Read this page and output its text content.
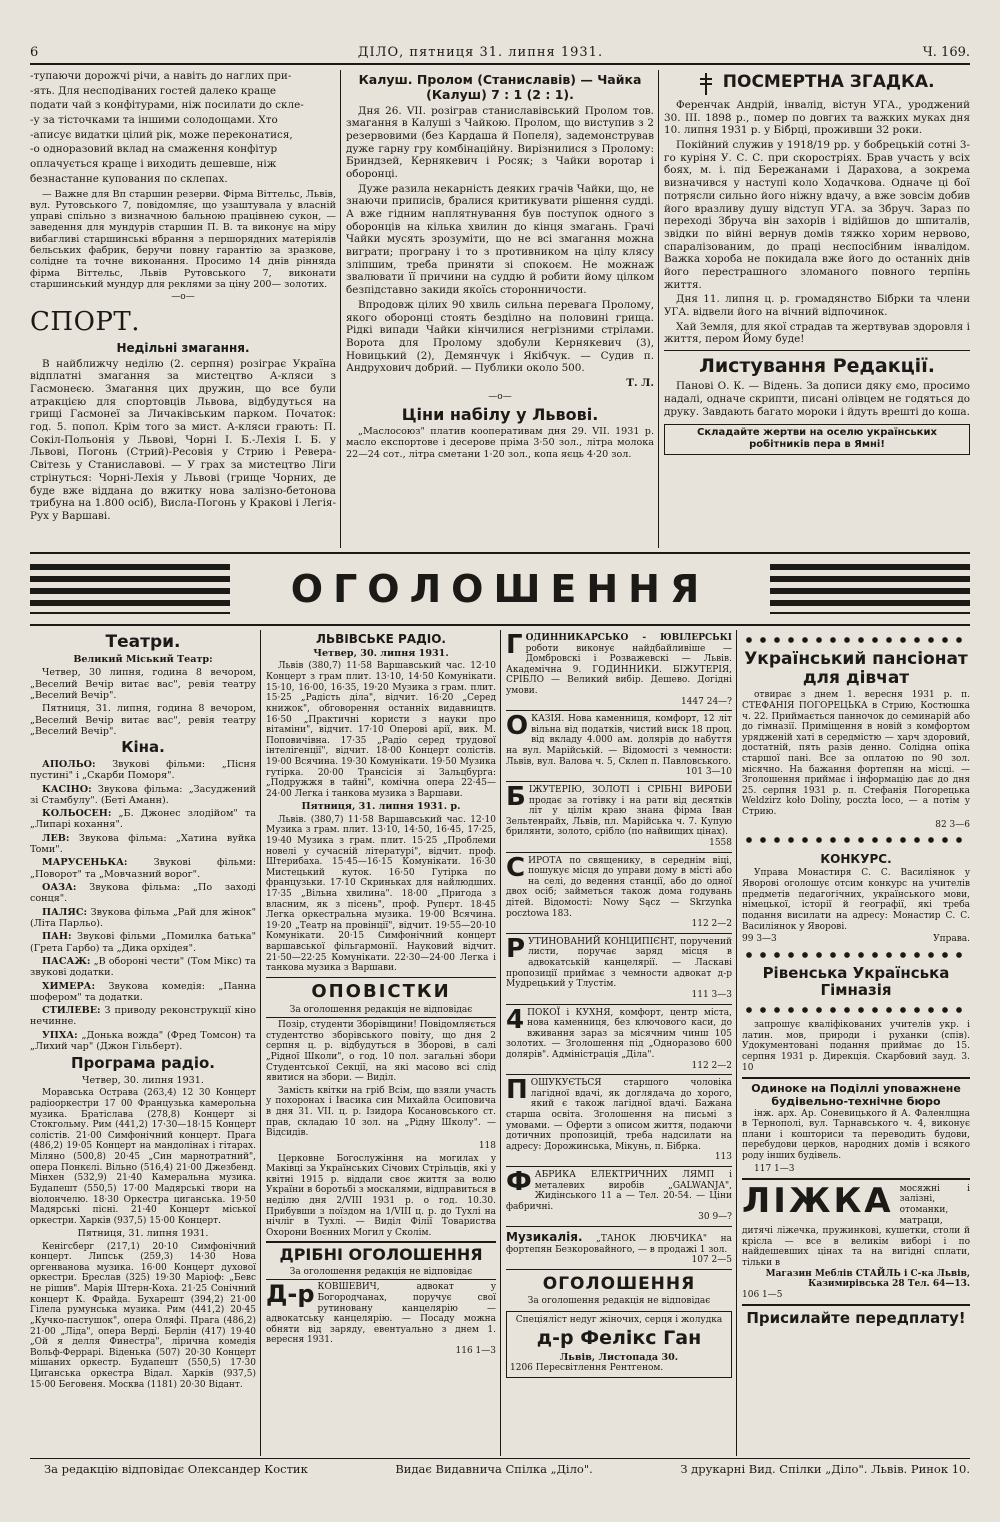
6	ДІЛО, пятниця 31. липня 1931.	Ч. 169.

-тупаючи дорожчі річи, а навіть до наглих при-

-ять. Для несподіваних гостей далеко краще

подати чай з конфітурами, ніж посилати до скле-

-у за тісточками та іншими солодощами. Хто

-аписує видатки цілий рік, може переконатися,

-о одноразовий вклад на смаження конфітур

оплачується краще і виходить дешевше, ніж

безнастанне купования по склепах.

— Важне для Вп старшин резерви. Фірма Віттельс, Львів, вул. Рутовського 7, повідомляє, що узаштувала у власній управі спільно з визначною бальною працівнею сукон, — заведення для мундурів старшин П. В. та виконує на міру вибагливі старшинські вбрання з першорядних матеріялів бельських фабрик, беручи повну гарантію за зразкове, солідне та точне виконання. Просимо 14 днів рінняда фірма Віттельс, Львів Рутовського 7, виконати старшинський мундур для реклями за ціну 200— золотих.

—o—
СПОРТ.
Недільні змагання.

В найближчу неділю (2. серпня) розіграє Україна відплатні змагання за мистецтво А-кляси з Гасмонеєю. Змагання цих дружин, що все були атракцією для спортовців Львова, відбудуться на грищі Гасмонеї за Личаківським парком. Початок: год. 5. попол. Крім того за мист. А-кляси грають: П. Сокіл-Польонія у Львові, Чорні І. Б.-Лехія І. Б. у Львові, Погонь (Стрий)-Ресовія у Стрию і Ревера-Світезь у Станиславові. — У грах за мистецтво Ліги стрінуться: Чорні-Лехія у Львові (грище Чорних, де буде вже віддана до вжитку нова залізно-бетонова трибуна на 1.800 осіб), Висла-Погонь у Кракові і Легія-Рух у Варшаві.

Калуш. Пролом (Станиславів) — Чайка (Калуш) 7 : 1 (2 : 1).

Дня 26. VII. розіграв станиславівський Пролом тов. змагання в Калуші з Чайкою. Пролом, що виступив з 2 резервовими (без Кардаша й Попеля), задемонстрував дуже гарну гру комбінаційну. Вирізнилися з Пролому: Бриндзей, Кернякевич і Росяк; з Чайки воротар і оборонці.

Дуже разила некарність деяких грачів Чайки, що, не знаючи приписів, бралися критикувати рішення судді. А вже гідним наплятнування був поступок одного з оборонців на кілька хвилин до кінця змагань. Грачі Чайки мусять зрозуміти, що не всі змагання можна виграти; програну і то з противником на цілу клясу зліпшим, треба приняти зі спокоєм. Не можнаж звалювати її причини на суддю й робити йому цілком безпідставно закиди якоїсь сторонничости.

Впродовж цілих 90 хвиль сильна перевага Пролому, якого оборонці стоять безділно на половині грища. Рідкі випади Чайки кінчилися негрізними стрілами. Ворота для Пролому здобули Кернякевич (3), Новицький (2), Демянчук і Якібчук. — Судив п. Андрухович добрий. — Публики около 500.

Т. Л.

—o—
Ціни набілу у Львові.

„Маслосоюз" платив кооперативам дня 29. VII. 1931 р. масло експортове і десерове пріма 3·50 зол., літра молока 22—24 сот., літра сметани 1·20 зол., копа яєць 4·20 зол.

ПОСМЕРТНА ЗГАДКА.

Ференчак Андрій, інвалід, вістун УГА., уроджений 30. III. 1898 р., помер по довгих та важких муках дня 10. липня 1931 р. у Бібрці, проживши 32 роки.

Покійний служив у 1918/19 рр. у бобрецькій сотні 3-го куріня У. С. С. при скоростріях. Брав участь у всіх боях, м. і. під Бережанами і Дарахова, а зокрема визначився у наступі коло Ходачкова. Одначе ці бої потрясли сильно його ніжну вдачу, а вже зовсім добив його вразливу душу відступ УГА. за Збруч. Зараз по переході Збруча він захорів і відійшов до шпиталів, звідки по війні вернув домів тяжко хорим нервово, спаралізованим, до праці неспосібним інвалідом. Важка хороба не покидала вже його до останніх днів його перестрашного зломаного повного терпінь життя.

Дня 11. липня ц. р. громадянство Бібрки та члени УГА. відвели його на вічний відпочинок.

Хай Земля, для якої страдав та жертвував здоровля і життя, пером Йому буде!

Листування Редакції.

Панові О. К. — Відень. За дописи дяку ємо, просимо надалі, одначе скрипти, писані олівцем не годяться до друку. Завдають багато мороки і йдуть врешті до коша.

Складайте жертви на оселю українських робітників пера в Ямні!
ОГОЛОШЕННЯ
Театри.

Великий Міський Театр:

Четвер, 30 липня, година 8 вечором, „Веселий Вечір витає вас", ревія театру „Веселий Вечір".

Пятниця, 31. липня, година 8 вечором, „Веселий Вечір витає вас", ревія театру „Веселий Вечір".

Кіна.

АПОЛЬО: Звукові фільми: „Пісня пустині" і „Скарби Поморя".

КАСІНО: Звукова фільма: „Засуджений зі Стамбулу". (Беті Аманн).

КОЛЬОСЕН: „Б. Джонес злодійом" та „Липарі кохання".

ЛЕВ: Звукова фільма: „Хатина вуйка Toми".

МАРУСЕНЬКА:	Звукові фільми: „Поворот" та „Мовчазний ворог".

ОАЗА: Звукова фільма: „По заході сонця".

ПАЛЯС: Звукова фільма „Рай для жінок" (Літа Парльо).

ПАН: Звукові фільми „Помилка батька" (Грета Гарбо) та „Дика орхідея".

ПАСАЖ: „В обороні чести" (Том Мікс) та звукові додатки.

ХИМЕРА: Звукова комедія: „Панна шофером" та додатки.

СТИЛЕВЕ: З приводу реконструкції кіно нечинне.

УПХА: „Донька вожда" (Фред Томсон) та „Лихий чар" (Джон Гільберт).

Програма радіо.

Четвер, 30. липня 1931.

Моравська Острава (263,4) 12 30 Концерт радіооркестри 17 00 Французька камерольна музика. Братіслава (278,8) Концерт зі Стокгольму. Рим (441,2) 17·30—18·15 Концерт солістів. 21·00 Симфонічний концерт. Прага (486,2) 19·05 Концерт на мандолінах і гітарах. Міляно (500,8) 20·45 „Син марнотратний", опера Понкєлі. Вільно (516,4) 21·00 Джезбенд. Мінхен (532,9) 21·40 Камеральна музика. Будапешт (550,5) 17·00 Мадярські твори на віолончелю. 18·30 Оркестра циганська. 19·50 Мадярські пісні. 21·40 Концерт міської оркестри. Харків (937,5) 15·00 Концерт.

Пятниця, 31. липня 1931.

Кенігсберг (217,1) 20·10 Симфонічний концерт. Липськ (259,3) 14·30 Нова оргенванова музика. 16·00 Концерт духової оркестри. Бреслав (325) 19·30 Маріоф: „Бевс не рішив". Марія Штерн-Коха. 21·25 Сонічний концерт К. Фрайда. Бухарешт (394,2) 21·00 Гілела румунська музика. Рим (441,2) 20·45 „Кучко-пастушок", опера Оляфі. Прага (486,2) 21·00 „Ліда", опера Верді. Берлін (417) 19·40 „Ой я делля Финестра", лірична комедія Вольф-Феррарі. Віденька (507) 20·30 Концерт мішаних оркестр. Будапешт (550,5) 17·30 Циганська оркестра Відал. Харків (937,5) 15·00 Беговеня. Москва (1181) 20·30 Відант.

ЛЬВІВСЬКЕ РАДІО.

Четвер, 30. липня 1931.

Львів (380,7) 11·58 Варшавський час. 12·10 Концерт з грам плит. 13·10, 14·50 Комунікати. 15·10, 16·00, 16·35, 19·20 Музика з грам. плит. 15·25 „Радість діла", відчит. 16·20 „Серед книжок", обговорення останніх видавництв. 16·50 „Практичні користи з науки про вітаміни", відчит. 17·10 Оперові арії, вик. М. Поповичівна. 17·35 „Радіо серед трудової інтелігенції", відчит. 18·00 Концерт солістів. 19·00 Всячина. 19·30 Комунікати. 19·50 Музика гутірка. 20·00 Трансісія зі Зальцбурга: „Подружжя в тайні", комічна опера 22·45—24·00 Легка і танкова музика з Варшави.

Пятниця, 31. липня 1931. р.

Львів. (380,7) 11·58 Варшавський час. 12·10 Музика з грам. плит. 13·10, 14·50, 16·45, 17·25, 19·40 Музика з грам. плит. 15·25 „Проблеми новелі у сучасній літературі", відчит. проф. Штерибаха. 15·45—16·15 Комунікати. 16·30 Мистецький куток. 16·50 Гутірка по французьки. 17·10 Скриньках для найлюдших. 17·35 „Вільна хвилина". 18·00 „Пригода з власним, як з пісень", проф. Рупєрт. 18·45 Легка оркестральна музика. 19·00 Всячина. 19·20 „Театр на провінції", відчит. 19·55—20·10 Комунікати. 20·15 Симфонічний концерт варшавської фільгармонії. Науковий відчит. 21·50—22·25 Комунікати. 22·30—24·00 Легка і танкова музика з Варшави.

ОПОВІСТКИ

За оголошення редакція не відповідає

Позір, студенти Зборівщини! Повідомляється студентство зборівського повіту, що дня 2 серпня ц. р. відбудуться в Зборові, в салі „Рідної Школи", о год. 10 пол. загальні збори Студентської Секції, на які масово всі слід явитися на збори. — Виділ.

Замість квітки на гріб Всім, що взяли участь у похоронах і Івасика син Михайла Осиповича в дня 31. VII. ц. р. Ізидора Косановського ст. прав, складаю 10 зол. на „Рідну Школу". — Відсидів.

118

Церковне Богослужіння на могилах у Маківці за Українських Січових Стрільців, які у квітні 1915 р. віддали своє життя за волю України в боротьбі з москалями, відправиться в неділю дня 2/VIII 1931 р. о год. 10.30. Прибувши з поїздом на 1/VIII ц. р. до Тухлі на нічліг в Тухлі. — Виділ Філії Товариства Охорони Воєнних Могил у Сколім.

ДРІБНІ ОГОЛОШЕННЯ

За оголошення редакція не відповідає

Д-р КОВШЕВИЧ, адвокат у Богородчанах, поручує свої рутиновану канцелярію — адвокатську канцелярію. — Посаду можна обняти від заряду, евентуально з днем 1. вересня 1931.
116 1—3
Г ОДИННИКАРСЬКО - ЮВІЛЕРСЬКІ роботи виконує найдбайливіше — Домбровскі і Розважевскі — Львів. Академічна 9. ГОДИННИКИ. БІЖУТЕРІЯ, СРІБЛО — Великий вибір. Дешево. Догідні умови.
1447 24—?
О КАЗІЯ. Нова каменниця, комфорт, 12 літ вільна від податків, чистий виск 18 проц. від вкладу 4.000 ам. долярів до набуття на вул. Марійській. — Відомості з чемности: Львів, вул. Валова ч. 5, Склеп п. Павловського.
101 3—10
Б ІЖУТЕРІЮ, ЗОЛОТІ і СРІБНІ ВИРОБИ продає за готівку і на рати від десятків літ у цілім краю знана фірма Іван Зельтенрайх, Львів, пл. Марійська ч. 7. Купую брилянти, золото, срібло (по найвищих цінах).
1558
С ИРОТА по священику, в середнім віці, пошукує місця до управи дому в місті або на селі, до ведення станції, або до одної двох осіб; займеться також дома годувань дітей. Відомості: Nowy Sącz — Skrzynka pocztowa 183.
112 2—2
Р УТИНОВАНИЙ КОНЦИПІЄНТ, поручений листи, поручає заряд місця в адвокатській канцелярії. — Ласкаві пропозиції приймає з чемности адвокат д-р Мудрецький у Тлустім.
111 3—3
4 ПОКОЇ і КУХНЯ, комфорт, центр міста, нова каменниця, без ключового каси, до вживання зараз за місячним чинш 105 золотих. — Зголошення під „Одноразово 600 долярів". Адміністрація „Діла".
112 2—2
П ОШУКУЄТЬСЯ старшого чоловіка лагідної вдачі, як доглядача до хорого, який є також лагідної вдачі. Бажана старша освіта. Зголошення на письмі з умовами. — Оферти з описом життя, подаючи дотичних пропозицій, треба надсилати на адресу: Дорожинська, Мікунь, п. Бібрка.
113
Ф АБРИКА ЕЛЕКТРИЧНИХ ЛЯМП і металевих виробів „GALWANJA", Жидінського 11 а — Тел. 20-54. — Ціни фабричні.
30 9—?
Музикалія. „ТАНОК ЛЮБЧИКА" на фортепян Безкоровайного, — в продажі 1 зол.
107 2—5
ОГОЛОШЕННЯ

За оголошення редакція не відповідає

Спеціяліст недуг жіночих, серця і жолудка
д-р Фелікс Ган
Львів, Листопада 30.
1206 Пересвітлення Рентгеном.
Український пансіонат для дівчат

отвирає з днем 1. вересня 1931 р. п. СТЕФАНІЯ ПОГОРЕЦЬКА в Стрию, Костюшка ч. 22. Приймається панночок до семинарій або до гімназії. Приміщення в новій з комфортом урядженій хаті в середмістю — харч здоровий, достатній, пять разів денно. Солідна опіка старшої пані. Все за оплатою по 90 зол. місячно. На бажання фортепян на місці. — Зголошення приймає і інформацію дає до дня 25. серпня 1931 р. п. Стефанія Погорецька Weldzirz koło Doliny, poczta loco, — а потім у Стрию.

82 3—6

КОНКУРС.

Управа Монастиря С. С. Василіянок у Яворові оголошує отсим конкурс на учителів предметів педагогічних, українського мови, німецької, історії й географії, які треба подання висилати на адресу: Монастир С. С. Василіянок у Яворові.

99 3—3	Управа.
Рівенська Українська Гімназія

запрошує кваліфікованих учителів укр. і латин. мов, природи і руханки (спів). Удокументовані подання приймає до 15. серпня 1931 р. Дирекція. Скарбовий зауд. 3. 10

Одиноке на Поділлі уповажнене будівельно-технічне бюро

інж. арх. Ар. Соневицького й А. Фаленлщна в Тернополі, вул. Тарнавського ч. 4, виконує плани і кошториси та переводить будови, перебудови церков, народних домів і всякого роду інших будівель.

117 1—3

ЛІЖКА мосяжні і залізні, отоманки, матраци, дитячі ліжечка, пружинкові, кушетки, столи й крісла — все в великім виборі і по найдешевших цінах та на вигідні сплати, тільки в
Магазин Меблів СТАЙЛЬ і С-ка Львів, Казимирівська 28 Тел. 64—13.
106 1—5
Присилайте передплату!
За редакцію відповідає Олександер Костик	Видає Видавнича Спілка „Діло".	З друкарні Вид. Спілки „Діло". Львів. Ринок 10.
